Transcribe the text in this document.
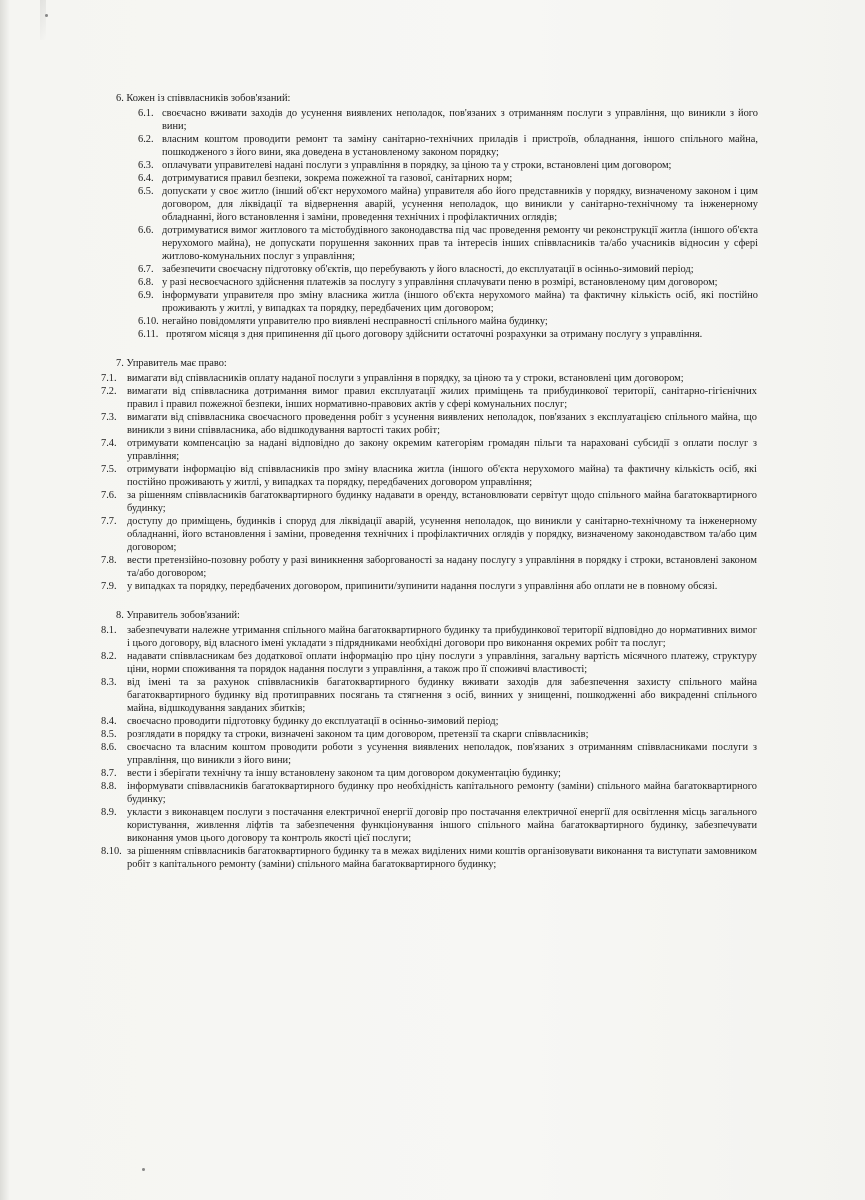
6. Кожен із співвласників зобов'язаний:
6.1. своєчасно вживати заходів до усунення виявлених неполадок, пов'язаних з отриманням послуги з управління, що виникли з його вини;
6.2. власним коштом проводити ремонт та заміну санітарно-технічних приладів і пристроїв, обладнання, іншого спільного майна, пошкодженого з його вини, яка доведена в установленому законом порядку;
6.3. оплачувати управителеві надані послуги з управління в порядку, за ціною та у строки, встановлені цим договором;
6.4. дотримуватися правил безпеки, зокрема пожежної та газової, санітарних норм;
6.5. допускати у своє житло (інший об'єкт нерухомого майна) управителя або його представників у порядку, визначеному законом і цим договором, для ліквідації та відвернення аварій, усунення неполадок, що виникли у санітарно-технічному та інженерному обладнанні, його встановлення і заміни, проведення технічних і профілактичних оглядів;
6.6. дотримуватися вимог житлового та містобудівного законодавства під час проведення ремонту чи реконструкції житла (іншого об'єкта нерухомого майна), не допускати порушення законних прав та інтересів інших співвласників та/або учасників відносин у сфері житлово-комунальних послуг з управління;
6.7. забезпечити своєчасну підготовку об'єктів, що перебувають у його власності, до експлуатації в осінньо-зимовий період;
6.8. у разі несвоєчасного здійснення платежів за послугу з управління сплачувати пеню в розмірі, встановленому цим договором;
6.9. інформувати управителя про зміну власника житла (іншого об'єкта нерухомого майна) та фактичну кількість осіб, які постійно проживають у житлі, у випадках та порядку, передбачених цим договором;
6.10. негайно повідомляти управителю про виявлені несправності спільного майна будинку;
6.11. протягом місяця з дня припинення дії цього договору здійснити остаточні розрахунки за отриману послугу з управління.
7. Управитель має право:
7.1.	вимагати від співвласників оплату наданої послуги з управління в порядку, за ціною та у строки, встановлені цим договором;
7.2.	вимагати від співвласника дотримання вимог правил експлуатації жилих приміщень та прибудинкової території, санітарно-гігієнічних правил і правил пожежної безпеки, інших нормативно-правових актів у сфері комунальних послуг;
7.3.	вимагати від співвласника своєчасного проведення робіт з усунення виявлених неполадок, пов'язаних з експлуатацією спільного майна, що виникли з вини співвласника, або відшкодування вартості таких робіт;
7.4.	отримувати компенсацію за надані відповідно до закону окремим категоріям громадян пільги та нараховані субсидії з оплати послуг з управління;
7.5.	отримувати інформацію від співвласників про зміну власника житла (іншого об'єкта нерухомого майна) та фактичну кількість осіб, які постійно проживають у житлі, у випадках та порядку, передбачених договором управління;
7.6.	за рішенням співвласників багатоквартирного будинку надавати в оренду, встановлювати сервітут щодо спільного майна багатоквартирного будинку;
7.7.	доступу до приміщень, будинків і споруд для ліквідації аварій, усунення неполадок, що виникли у санітарно-технічному та інженерному обладнанні, його встановлення і заміни, проведення технічних і профілактичних оглядів у порядку, визначеному законодавством та/або цим договором;
7.8.	вести претензійно-позовну роботу у разі виникнення заборгованості за надану послугу з управління в порядку і строки, встановлені законом та/або договором;
7.9.	у випадках та порядку, передбачених договором, припинити/зупинити надання послуги з управління або оплати не в повному обсязі.
8. Управитель зобов'язаний:
8.1.	забезпечувати належне утримання спільного майна багатоквартирного будинку та прибудинкової території відповідно до нормативних вимог і цього договору, від власного імені укладати з підрядниками необхідні договори про виконання окремих робіт та послуг;
8.2.	надавати співвласникам без додаткової оплати інформацію про ціну послуги з управління, загальну вартість місячного платежу, структуру ціни, норми споживання та порядок надання послуги з управління, а також про її споживчі властивості;
8.3.	від імені та за рахунок співвласників багатоквартирного будинку вживати заходів для забезпечення захисту спільного майна багатоквартирного будинку від протиправних посягань та стягнення з осіб, винних у знищенні, пошкодженні або викраденні спільного майна, відшкодування завданих збитків;
8.4.	своєчасно проводити підготовку будинку до експлуатації в осінньо-зимовий період;
8.5.	розглядати в порядку та строки, визначені законом та цим договором, претензії та скарги співвласників;
8.6.	своєчасно та власним коштом проводити роботи з усунення виявлених неполадок, пов'язаних з отриманням співвласниками послуги з управління, що виникли з його вини;
8.7.	вести і зберігати технічну та іншу встановлену законом та цим договором документацію будинку;
8.8.	інформувати співвласників багатоквартирного будинку про необхідність капітального ремонту (заміни) спільного майна багатоквартирного будинку;
8.9.	укласти з виконавцем послуги з постачання електричної енергії договір про постачання електричної енергії для освітлення місць загального користування, живлення ліфтів та забезпечення функціонування іншого спільного майна багатоквартирного будинку, забезпечувати виконання умов цього договору та контроль якості цієї послуги;
8.10. за рішенням співвласників багатоквартирного будинку та в межах виділених ними коштів організовувати виконання та виступати замовником робіт з капітального ремонту (заміни) спільного майна багатоквартирного будинку;
